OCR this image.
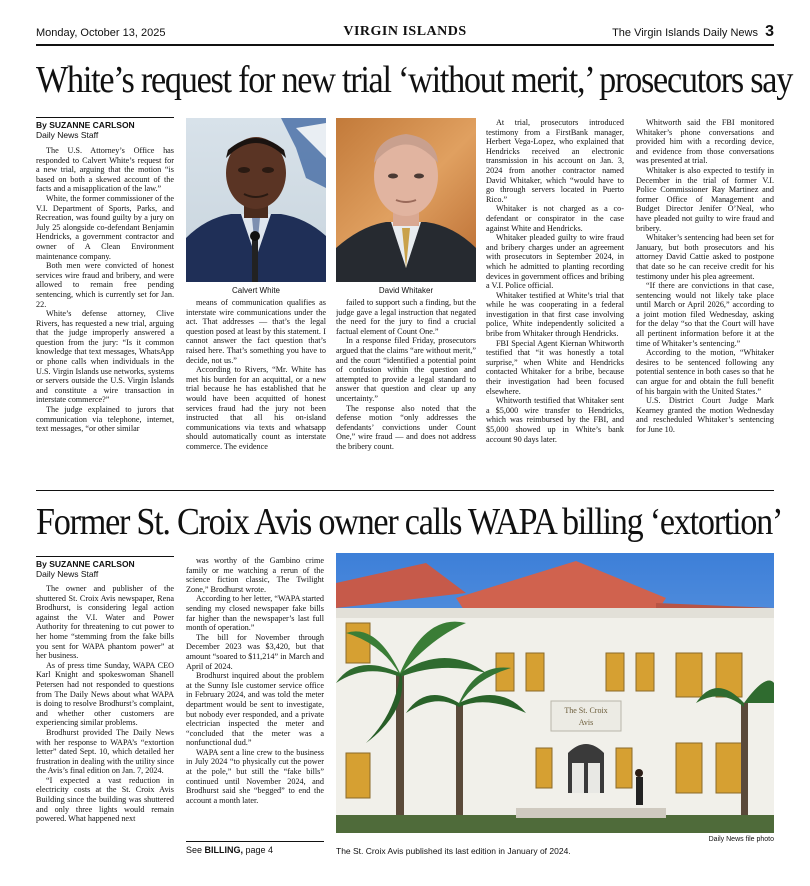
Monday, October 13, 2025	VIRGIN ISLANDS	The Virgin Islands Daily News 3
White’s request for new trial ‘without merit,’ prosecutors say
By SUZANNE CARLSON
Daily News Staff

The U.S. Attorney’s Office has responded to Calvert White’s request for a new trial, arguing that the motion “is based on both a skewed account of the facts and a misapplication of the law.”

White, the former commissioner of the V.I. Department of Sports, Parks, and Recreation, was found guilty by a jury on July 25 alongside co-defendant Benjamin Hendricks, a government contractor and owner of A Clean Environment maintenance company.

Both men were convicted of honest services wire fraud and bribery, and were allowed to remain free pending sentencing, which is currently set for Jan. 22.

White’s defense attorney, Clive Rivers, has requested a new trial, arguing that the judge improperly answered a question from the jury: “Is it common knowledge that text messages, WhatsApp or phone calls when individuals in the U.S. Virgin Islands use networks, systems or servers outside the U.S. Virgin Islands and constitute a wire transaction in interstate commerce?”

The judge explained to jurors that communication via telephone, internet, text messages, “or other similar

Calvert White	David Whitaker

means of communication qualifies as interstate wire communications under the act. That addresses — that’s the legal question posed at least by this statement. I cannot answer the fact question that’s raised here. That’s something you have to decide, not us.”

According to Rivers, “Mr. White has met his burden for an acquittal, or a new trial because he has established that he would have been acquitted of honest services fraud had the jury not been instructed that all his on-island communications via texts and whatsapp should automatically count as interstate commerce. The evidence

failed to support such a finding, but the judge gave a legal instruction that negated the need for the jury to find a crucial factual element of Count One.”

In a response filed Friday, prosecutors argued that the claims “are without merit,” and the court “identified a potential point of confusion within the question and attempted to provide a legal standard to answer that question and clear up any uncertainty.”

The response also noted that the defense motion “only addresses the defendants’ convictions under Count One,” wire fraud — and does not address the bribery count.

At trial, prosecutors introduced testimony from a FirstBank manager, Herbert Vega-Lopez, who explained that Hendricks received an electronic transmission in his account on Jan. 3, 2024 from another contractor named David Whitaker, which “would have to go through servers located in Puerto Rico.”

Whitaker is not charged as a co-defendant or conspirator in the case against White and Hendricks.

Whitaker pleaded guilty to wire fraud and bribery charges under an agreement with prosecutors in September 2024, in which he admitted to planting recording devices in government offices and bribing a V.I. Police official.

Whitaker testified at White’s trial that while he was cooperating in a federal investigation in that first case involving police, White independently solicited a bribe from Whitaker through Hendricks.

FBI Special Agent Kiernan Whitworth testified that “it was honestly a total surprise,” when White and Hendricks contacted Whitaker for a bribe, because their investigation had been focused elsewhere.

Whitworth testified that Whitaker sent a $5,000 wire transfer to Hendricks, which was reimbursed by the FBI, and $5,000 showed up in White’s bank account 90 days later.

Whitworth said the FBI monitored Whitaker’s phone conversations and provided him with a recording device, and evidence from those conversations was presented at trial.

Whitaker is also expected to testify in December in the trial of former V.I. Police Commissioner Ray Martinez and former Office of Management and Budget Director Jenifer O’Neal, who have pleaded not guilty to wire fraud and bribery.

Whitaker’s sentencing had been set for January, but both prosecutors and his attorney David Cattie asked to postpone that date so he can receive credit for his testimony under his plea agreement.

“If there are convictions in that case, sentencing would not likely take place until March or April 2026,” according to a joint motion filed Wednesday, asking for the delay “so that the Court will have all pertinent information before it at the time of Whitaker’s sentencing.”

According to the motion, “Whitaker desires to be sentenced following any potential sentence in both cases so that he can argue for and obtain the full benefit of his bargain with the United States.”

U.S. District Court Judge Mark Kearney granted the motion Wednesday and rescheduled Whitaker’s sentencing for June 10.

Former St. Croix Avis owner calls WAPA billing ‘extortion’
By SUZANNE CARLSON
Daily News Staff

The owner and publisher of the shuttered St. Croix Avis newspaper, Rena Brodhurst, is considering legal action against the V.I. Water and Power Authority for threatening to cut power to her home “stemming from the fake bills you sent for WAPA phantom power” at her business.

As of press time Sunday, WAPA CEO Karl Knight and spokeswoman Shanell Petersen had not responded to questions from The Daily News about what WAPA is doing to resolve Brodhurst’s complaint, and whether other customers are experiencing similar problems.

Brodhurst provided The Daily News with her response to WAPA’s “extortion letter” dated Sept. 10, which detailed her frustration in dealing with the utility since the Avis’s final edition on Jan. 7, 2024.

“I expected a vast reduction in electricity costs at the St. Croix Avis Building since the building was shuttered and only three lights would remain powered. What happened next

was worthy of the Gambino crime family or me watching a rerun of the science fiction classic, The Twilight Zone,” Brodhurst wrote.

According to her letter, “WAPA started sending my closed newspaper fake bills far higher than the newspaper’s last full month of operation.”

The bill for November through December 2023 was $3,420, but that amount “soared to $11,214” in March and April of 2024.

Brodhurst inquired about the problem at the Sunny Isle customer service office in February 2024, and was told the meter department would be sent to investigate, but nobody ever responded, and a private electrician inspected the meter and “concluded that the meter was a nonfunctional dud.”

WAPA sent a line crew to the business in July 2024 “to physically cut the power at the pole,” but still the “fake bills” continued until November 2024, and Brodhurst said she “begged” to end the account a month later.

See BILLING, page 4
The St. Croix
Avis
Daily News file photo
The St. Croix Avis published its last edition in January of 2024.
